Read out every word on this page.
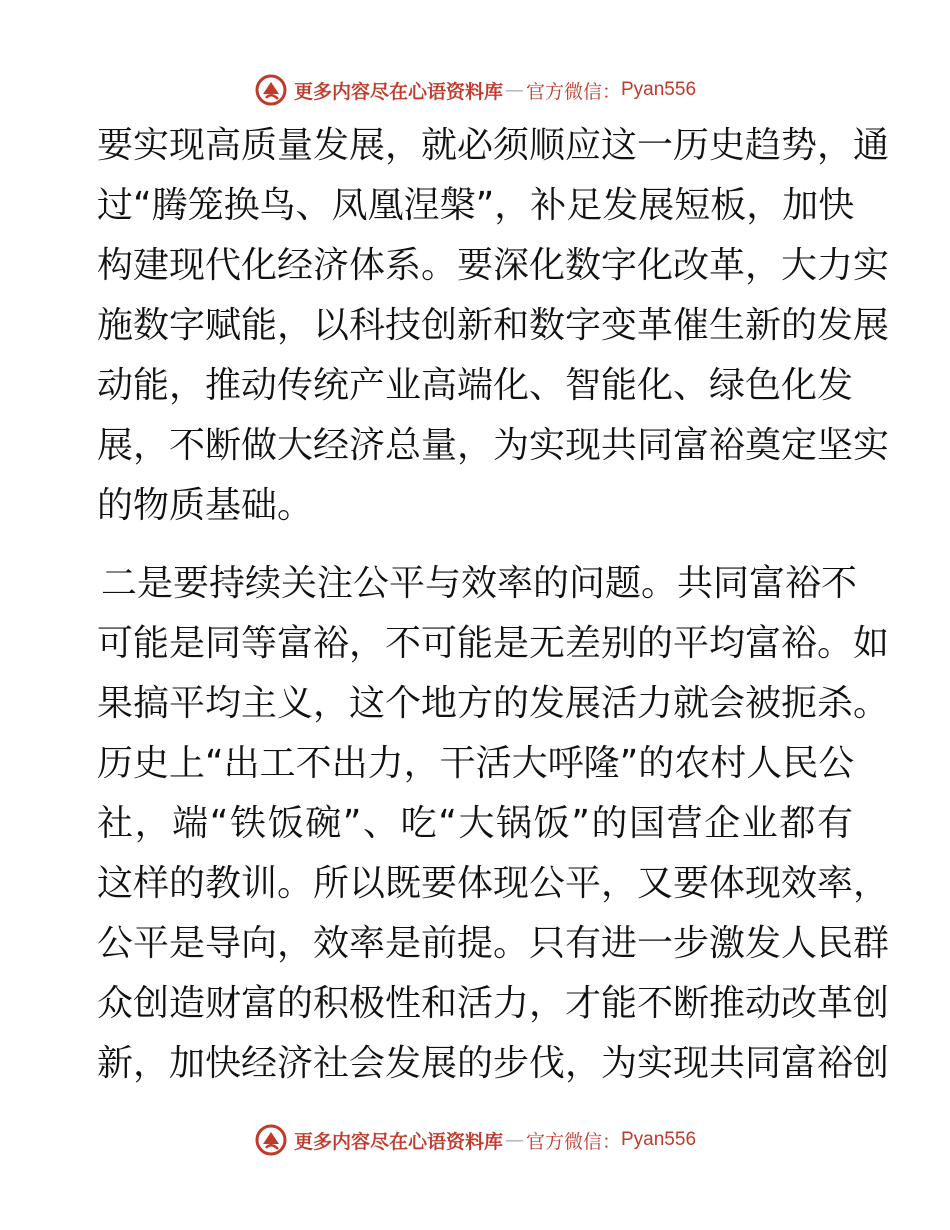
更多内容尽在心语资料库 — 官方微信： Pyan556
要实现高质量发展，就必须顺应这一历史趋势，通
过“腾笼换鸟、凤凰涅槃”，补足发展短板，加快
构建现代化经济体系。要深化数字化改革，大力实
施数字赋能，以科技创新和数字变革催生新的发展
动能，推动传统产业高端化、智能化、绿色化发
展，不断做大经济总量，为实现共同富裕奠定坚实
的物质基础。
二是要持续关注公平与效率的问题。共同富裕不
可能是同等富裕，不可能是无差别的平均富裕。如
果搞平均主义，这个地方的发展活力就会被扼杀。
历史上“出工不出力，干活大呼隆”的农村人民公
社，端“铁饭碗”、吃“大锅饭”的国营企业都有
这样的教训。所以既要体现公平，又要体现效率，
公平是导向，效率是前提。只有进一步激发人民群
众创造财富的积极性和活力，才能不断推动改革创
新，加快经济社会发展的步伐，为实现共同富裕创
更多内容尽在心语资料库 — 官方微信： Pyan556
